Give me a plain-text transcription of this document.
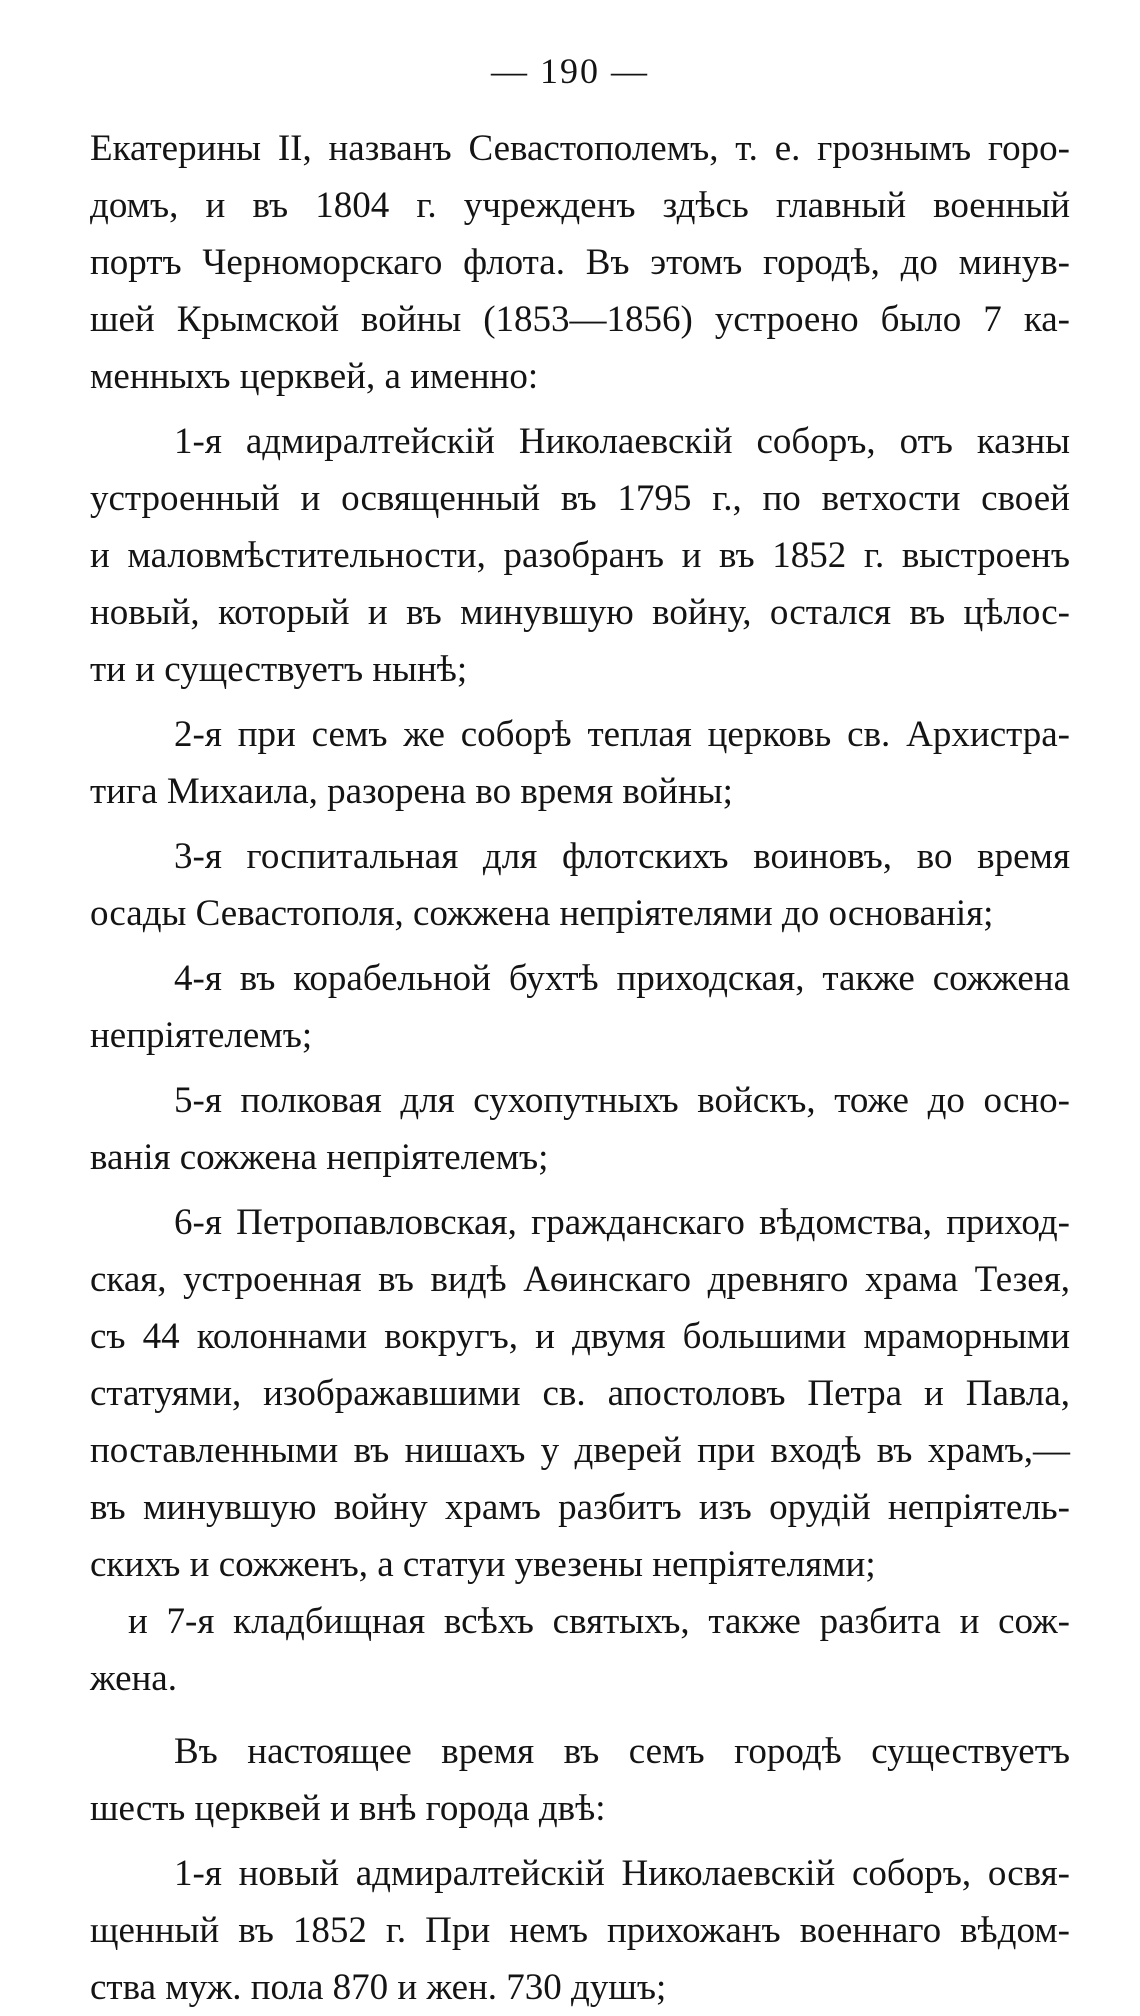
— 190 —
Екатерины II, названъ Севастополемъ, т. е. грознымъ горо-
домъ, и въ 1804 г. учрежденъ здѣсь главный военный
портъ Черноморскаго флота. Въ этомъ городѣ, до минув-
шей Крымской войны (1853—1856) устроено было 7 ка-
менныхъ церквей, а именно:
1-я адмиралтейскій Николаевскій соборъ, отъ казны
устроенный и освященный въ 1795 г., по ветхости своей
и маловмѣстительности, разобранъ и въ 1852 г. выстроенъ
новый, который и въ минувшую войну, остался въ цѣлос-
ти и существуетъ нынѣ;
2-я при семъ же соборѣ теплая церковь св. Архистра-
тига Михаила, разорена во время войны;
3-я госпитальная для флотскихъ воиновъ, во время
осады Севастополя, сожжена непріятелями до основанія;
4-я въ корабельной бухтѣ приходская, также сожжена
непріятелемъ;
5-я полковая для сухопутныхъ войскъ, тоже до осно-
ванія сожжена непріятелемъ;
6-я Петропавловская, гражданскаго вѣдомства, приход-
ская, устроенная въ видѣ Аѳинскаго древняго храма Тезея,
съ 44 колоннами вокругъ, и двумя большими мраморными
статуями, изображавшими св. апостоловъ Петра и Павла,
поставленными въ нишахъ у дверей при входѣ въ храмъ,—
въ минувшую войну храмъ разбитъ изъ орудій непріятель-
скихъ и сожженъ, а статуи увезены непріятелями;
и 7-я кладбищная всѣхъ святыхъ, также разбита и сож-
жена.
Въ настоящее время въ семъ городѣ существуетъ
шесть церквей и внѣ города двѣ:
1-я новый адмиралтейскій Николаевскій соборъ, освя-
щенный въ 1852 г. При немъ прихожанъ военнаго вѣдом-
ства муж. пола 870 и жен. 730 душъ;
